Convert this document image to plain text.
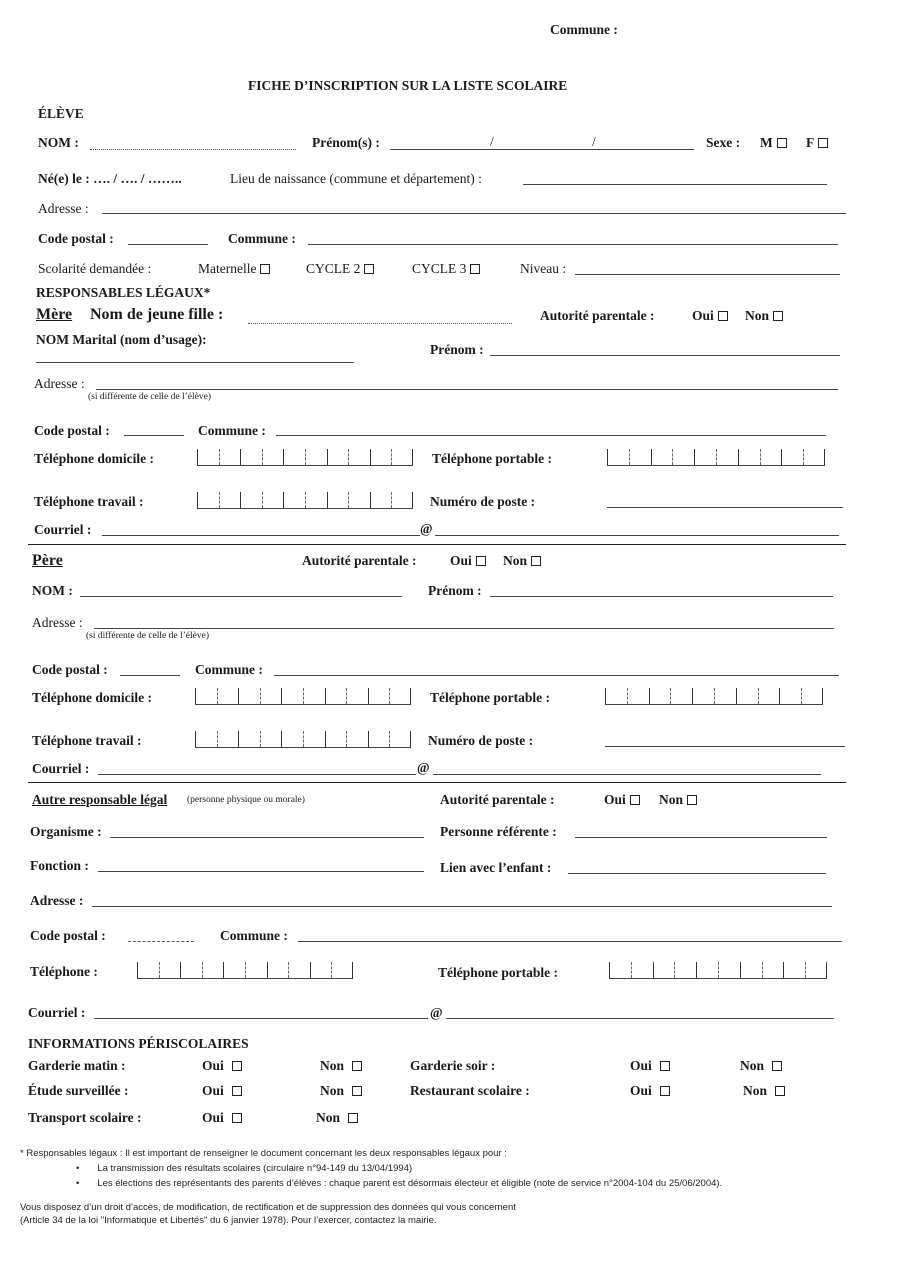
Commune :
FICHE D’INSCRIPTION SUR LA LISTE SCOLAIRE
ÉLÈVE
NOM :	Prénom(s) :	/	/	Sexe : M	F
Né(e) le : …. / …. / ……..	Lieu de naissance (commune et département) :
Adresse :
Code postal :	Commune :
Scolarité demandée :	Maternelle	CYCLE 2	CYCLE 3	Niveau :
RESPONSABLES LÉGAUX*
Mère Nom de jeune fille :	Autorité parentale :	Oui	Non
NOM Marital (nom d’usage):
Prénom :
Adresse :
(si différente de celle de l’élève)
Code postal :	Commune :
Téléphone domicile :	Téléphone portable :
Téléphone travail :	Numéro de poste :
Courriel :	@
Père	Autorité parentale : Oui	Non
NOM :	Prénom :
Adresse :
(si différente de celle de l’élève)
Code postal :	Commune :
Téléphone domicile :	Téléphone portable :
Téléphone travail :	Numéro de poste :
Courriel :	@
Autre responsable légal (personne physique ou morale)	Autorité parentale :	Oui	Non
Organisme :	Personne référente :
Fonction :	Lien avec l’enfant :
Adresse :
Code postal :	Commune :
Téléphone :	Téléphone portable :
Courriel :	@
INFORMATIONS PÉRISCOLAIRES
Garderie matin :	Oui	Non	Garderie soir :	Oui	Non
Étude surveillée :	Oui	Non	Restaurant scolaire :	Oui	Non
Transport scolaire :	Oui	Non
* Responsables légaux : Il est important de renseigner le document concernant les deux responsables légaux pour :
• La transmission des résultats scolaires (circulaire n°94-149 du 13/04/1994)
• Les élections des représentants des parents d’élèves : chaque parent est désormais électeur et éligible (note de service n°2004-104 du 25/06/2004).
Vous disposez d’un droit d’accès, de modification, de rectification et de suppression des données qui vous concernent
(Article 34 de la loi "Informatique et Libertés" du 6 janvier 1978). Pour l’exercer, contactez la mairie.
